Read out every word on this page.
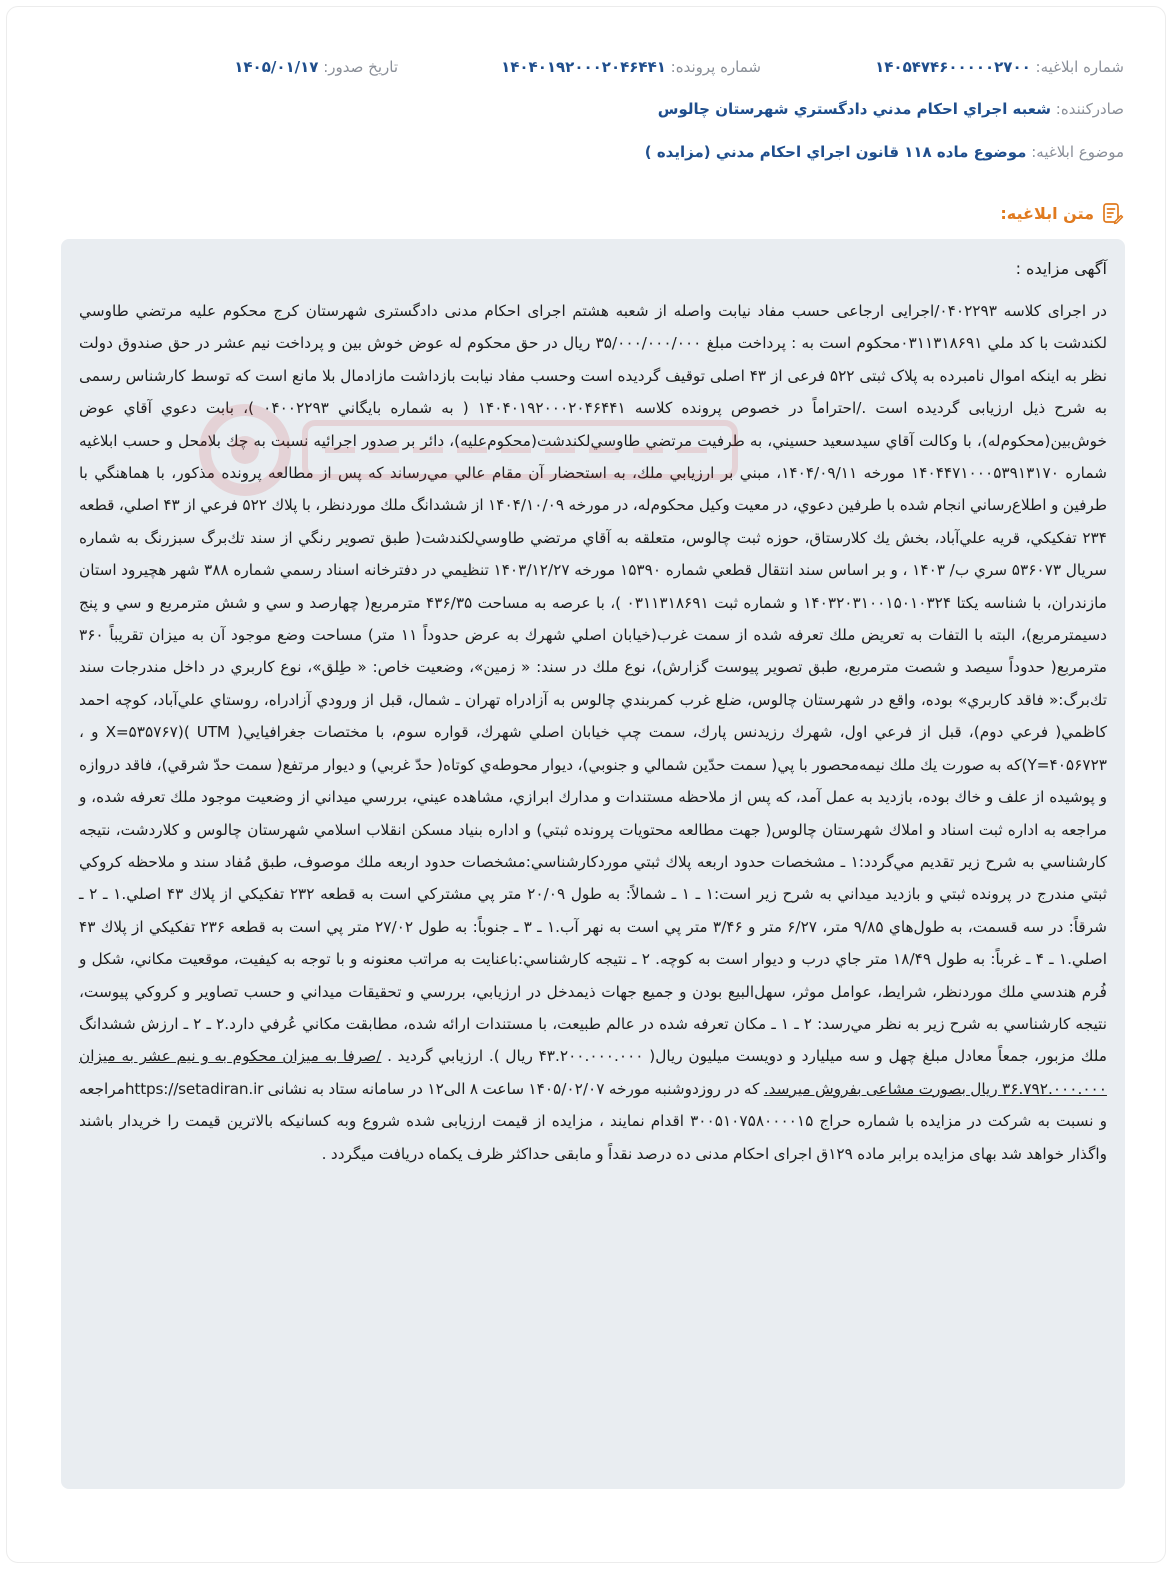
شماره ابلاغیه: ۱۴۰۵۴۷۴۶۰۰۰۰۰۲۷۰۰
شماره پرونده: ۱۴۰۴۰۱۹۲۰۰۰۲۰۴۶۴۴۱
تاریخ صدور: ۱۴۰۵/۰۱/۱۷
صادرکننده: شعبه اجراي احکام مدني دادگستري شهرستان چالوس
موضوع ابلاغیه: موضوع ماده ۱۱۸ قانون اجراي احکام مدني (مزايده )
متن ابلاغیه:
آگهی مزایده :

در اجرای کلاسه ۰۴۰۲۲۹۳/اجرایی ارجاعی حسب مفاد نیابت واصله از شعبه هشتم اجرای احکام مدنی دادگستری شهرستان کرج محکوم علیه مرتضي طاوسي لکندشت با کد ملي ۰۳۱۱۳۱۸۶۹۱محکوم است به : پرداخت مبلغ ۳۵/۰۰۰/۰۰۰/۰۰۰ ریال در حق محکوم له عوض خوش بین و پرداخت نیم عشر در حق صندوق دولت نظر به اینکه اموال نامبرده به پلاک ثبتی ۵۲۲ فرعی از ۴۳ اصلی توقیف گردیده است وحسب مفاد نیابت بازداشت مازادمال بلا مانع است که توسط کارشناس رسمی به شرح ذیل ارزیابی گردیده است ./احتراماً در خصوص پرونده کلاسه ۱۴۰۴۰۱۹۲۰۰۰۲۰۴۶۴۴۱ ( به شماره بايگاني ۰۴۰۰۲۲۹۳ )، بابت دعوي آقاي عوض خوش‌بين(محکوم‌له)، با وکالت آقاي سيدسعيد حسيني، به طرفيت مرتضي طاوسي‌لکندشت(محکوم‌عليه)، دائر بر صدور اجرائيه نسبت به چك بلامحل و حسب ابلاغيه شماره ۱۴۰۴۴۷۱۰۰۰۵۳۹۱۳۱۷۰ مورخه ۱۴۰۴/۰۹/۱۱، مبني بر ارزيابي ملك، به استحضار آن مقام عالي مي‌رساند كه پس از مطالعه پرونده مذكور، با هماهنگي با طرفين و اطلاع‌رساني انجام شده با طرفين دعوي، در معيت وكيل محکوم‌له، در مورخه ۱۴۰۴/۱۰/۰۹ از ششدانگ ملك موردنظر، با پلاك ۵۲۲ فرعي از ۴۳ اصلي، قطعه ۲۳۴ تفكيكي، قريه علي‌آباد، بخش يك كلارستاق، حوزه ثبت چالوس، متعلقه به آقاي مرتضي طاوسي‌لكندشت( طبق تصوير رنگي از سند تك‌برگ سبزرنگ به شماره سريال ۵۳۶۰۷۳ سري ب/ ۱۴۰۳ ، و بر اساس سند انتقال قطعي شماره ۱۵۳۹۰ مورخه ۱۴۰۳/۱۲/۲۷ تنظيمي در دفترخانه اسناد رسمي شماره ۳۸۸ شهر هچيرود استان مازندران، با شناسه يكتا ۱۴۰۳۲۰۳۱۰۰۱۵۰۱۰۳۲۴ و شماره ثبت ۰۳۱۱۳۱۸۶۹۱ )، با عرصه به مساحت ۴۳۶/۳۵ مترمربع( چهارصد و سي و شش مترمربع و سي و پنج دسيمترمربع)، البته با التفات به تعريض ملك تعرفه شده از سمت غرب(خيابان اصلي شهرك به عرض حدوداً ۱۱ متر) مساحت وضع موجود آن به ميزان تقريباً ۳۶۰ مترمربع( حدوداً سيصد و شصت مترمربع، طبق تصوير پيوست گزارش)، نوع ملك در سند: « زمين»، وضعيت خاص: « طِلق»، نوع كاربري در داخل مندرجات سند تك‌برگ:« فاقد كاربري» بوده، واقع در شهرستان چالوس، ضلع غرب كمربندي چالوس به آزادراه تهران ـ شمال، قبل از ورودي آزادراه، روستاي علي‌آباد، كوچه احمد كاظمي( فرعي دوم)، قبل از فرعي اول، شهرك رزيدنس پارك، سمت چپ خيابان اصلي شهرك، قواره سوم، با مختصات جغرافيايي( UTM )(X=۵۳۵۷۶۷ و ، ۴۰۵۶۷۲۳=Y)كه به صورت يك ملك نيمه‌محصور با پي( سمت حدّين شمالي و جنوبي)، ديوار محوطه‌ي كوتاه( حدّ غربي) و ديوار مرتفع( سمت حدّ شرقي)، فاقد دروازه و پوشيده از علف و خاك بوده، بازديد به عمل آمد، كه پس از ملاحظه مستندات و مدارك ابرازي، مشاهده عيني، بررسي ميداني از وضعيت موجود ملك تعرفه شده، و مراجعه به اداره ثبت اسناد و املاك شهرستان چالوس( جهت مطالعه محتويات پرونده ثبتي) و اداره بنياد مسكن انقلاب اسلامي شهرستان چالوس و كلاردشت، نتيجه كارشناسي به شرح زير تقديم مي‌گردد:۱ ـ مشخصات حدود اربعه پلاك ثبتي موردكارشناسي:مشخصات حدود اربعه ملك موصوف، طبق مُفاد سند و ملاحظه كروكي ثبتي مندرج در پرونده ثبتي و بازديد ميداني به شرح زير است:۱ ـ ۱ ـ شمالاً: به طول ۲۰/۰۹ متر پي مشتركي است به قطعه ۲۳۲ تفكيكي از پلاك ۴۳ اصلي.۱ ـ ۲ ـ شرقاً: در سه قسمت، به طول‌هاي ۹/۸۵ متر، ۶/۲۷ متر و ۳/۴۶ متر پي است به نهر آب.۱ ـ ۳ ـ جنوباً: به طول ۲۷/۰۲ متر پي است به قطعه ۲۳۶ تفكيكي از پلاك ۴۳ اصلي.۱ ـ ۴ ـ غرباً: به طول ۱۸/۴۹ متر جاي درب و ديوار است به كوچه. ۲ ـ نتيجه كارشناسي:باعنايت به مراتب معنونه و با توجه به كيفيت، موقعيت مكاني، شكل و فُرم هندسي ملك موردنظر، شرايط، عوامل موثر، سهل‌البيع بودن و جميع جهات ذيمدخل در ارزيابي، بررسي و تحقيقات ميداني و حسب تصاوير و كروكي پيوست، نتيجه كارشناسي به شرح زير به نظر مي‌رسد: ۲ ـ ۱ ـ مكان تعرفه شده در عالم طبيعت، با مستندات ارائه شده، مطابقت مكاني عُرفي دارد.۲ ـ ۲ ـ ارزش ششدانگ ملك مزبور، جمعاً معادل مبلغ چهل و سه ميليارد و دويست ميليون ريال( ۴۳.۲۰۰.۰۰۰.۰۰۰ ريال ). ارزيابي گرديد . /صرفا به میزان محکوم به و نیم عشر به میزان ۳۶.۷۹۲.۰۰۰.۰۰۰ ریال بصورت مشاعی بفروش میرسد. که در روزدوشنبه مورخه ۱۴۰۵/۰۲/۰۷ ساعت ۸ الی۱۲ در سامانه ستاد به نشانی https://setadiran.irمراجعه و نسبت به شرکت در مزایده با شماره حراج ۳۰۰۵۱۰۷۵۸۰۰۰۰۱۵ اقدام نمایند ، مزایده از قیمت ارزیابی شده شروع وبه کسانیکه بالاترین قیمت را خریدار باشند واگذار خواهد شد بهای مزایده برابر ماده ۱۲۹ق اجرای احکام مدنی ده درصد نقداً و مابقی حداکثر ظرف یکماه دریافت میگردد .
